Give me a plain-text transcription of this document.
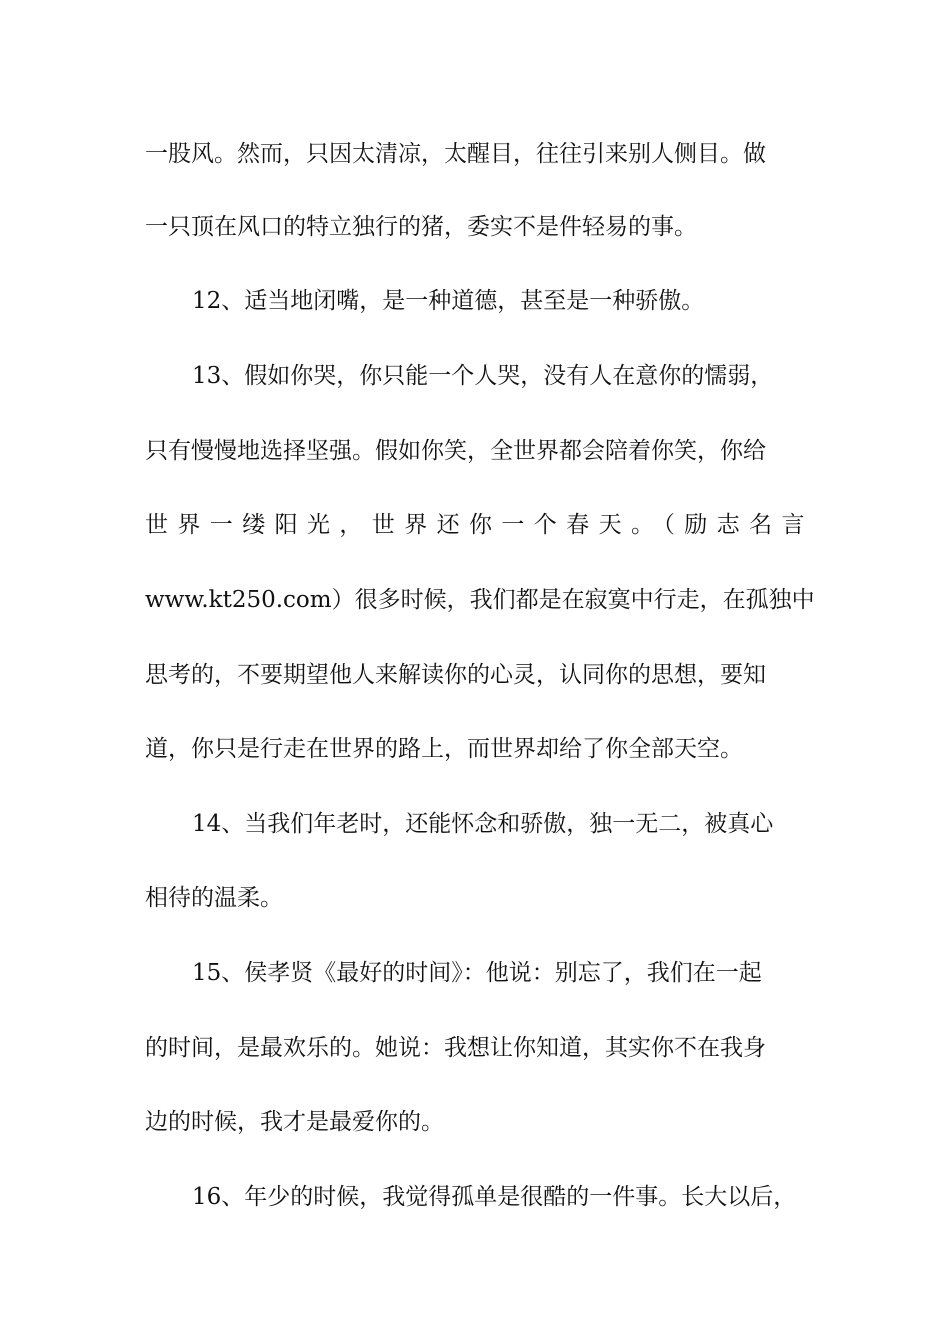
一股风。然而，只因太清凉，太醒目，往往引来别人侧目。做
一只顶在风口的特立独行的猪，委实不是件轻易的事。
12、适当地闭嘴，是一种道德，甚至是一种骄傲。
13、假如你哭，你只能一个人哭，没有人在意你的懦弱，
只有慢慢地选择坚强。假如你笑，全世界都会陪着你笑，你给
世界一缕阳光，世界还你一个春天。（励志名言
www.kt250.com）很多时候，我们都是在寂寞中行走，在孤独中
思考的，不要期望他人来解读你的心灵，认同你的思想，要知
道，你只是行走在世界的路上，而世界却给了你全部天空。
14、当我们年老时，还能怀念和骄傲，独一无二，被真心
相待的温柔。
15、侯孝贤《最好的时间》：他说：别忘了，我们在一起
的时间，是最欢乐的。她说：我想让你知道，其实你不在我身
边的时候，我才是最爱你的。
16、年少的时候，我觉得孤单是很酷的一件事。长大以后，
